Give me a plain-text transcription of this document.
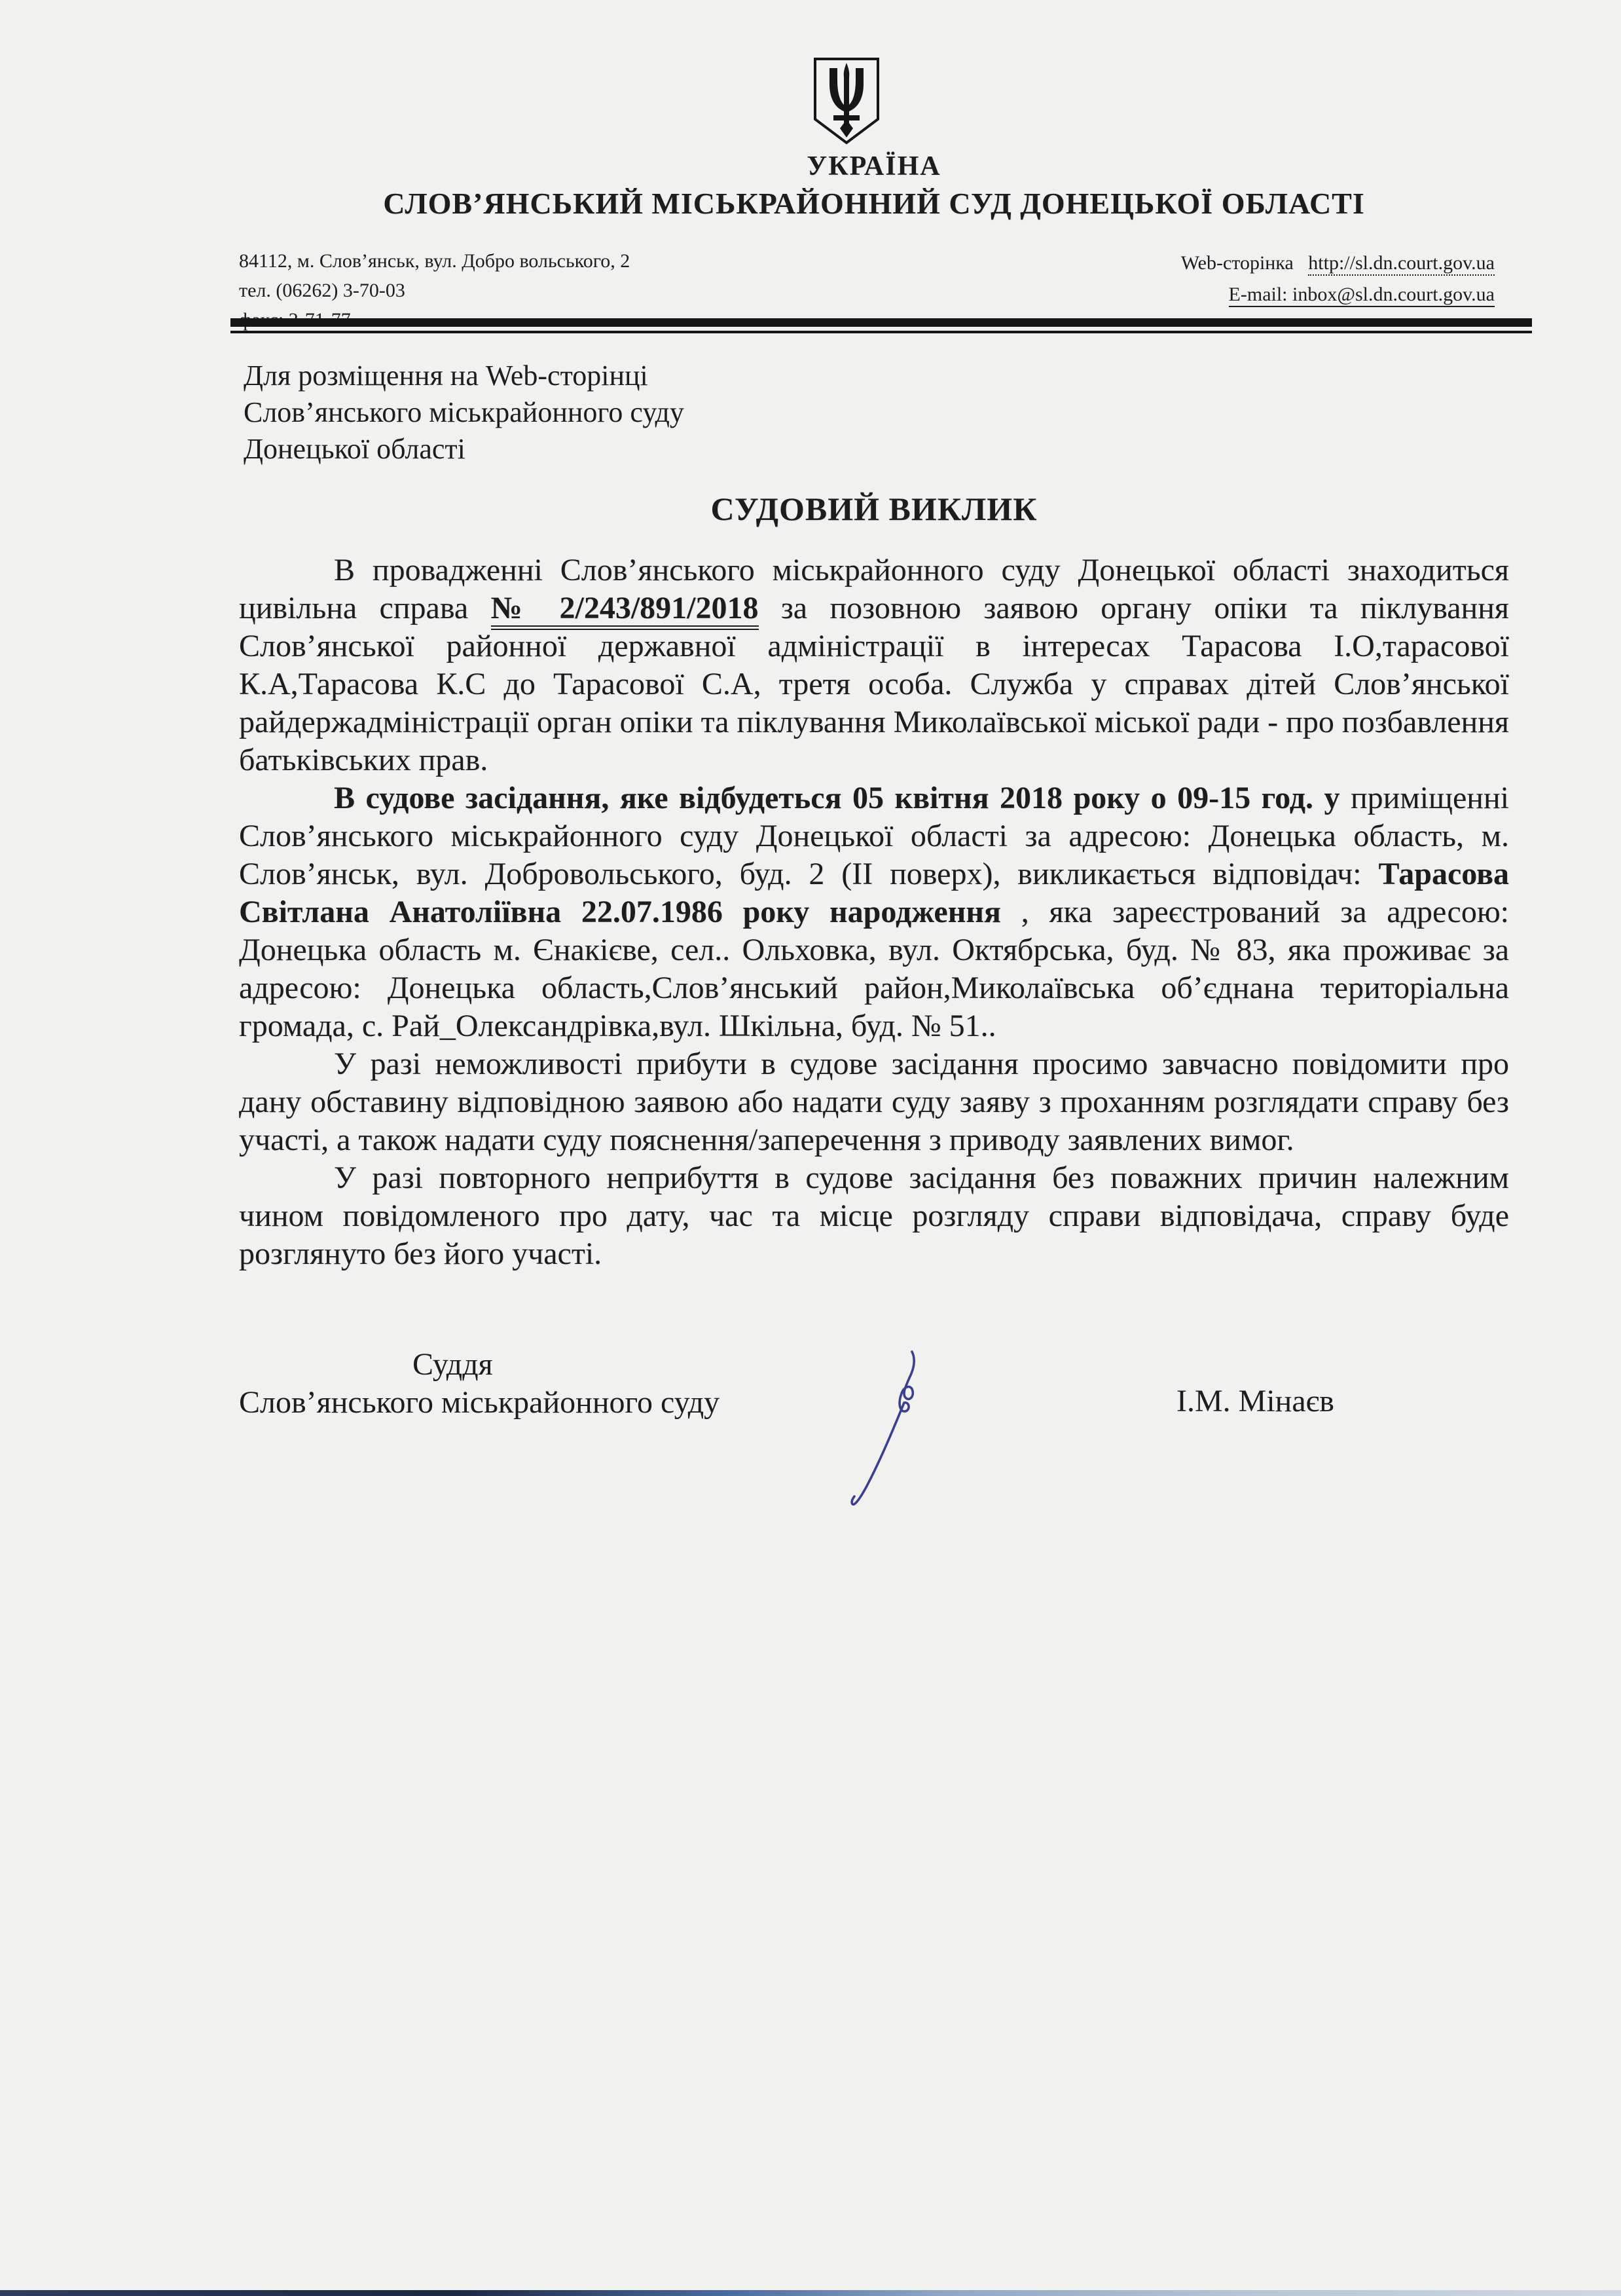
УКРАЇНА
СЛОВ’ЯНСЬКИЙ МІСЬКРАЙОННИЙ СУД ДОНЕЦЬКОЇ ОБЛАСТІ
84112, м. Слов’янськ, вул. Добро вольського, 2
тел. (06262) 3-70-03
Web-сторінка http://sl.dn.court.gov.ua
E-mail: inbox@sl.dn.court.gov.ua
Для розміщення на Web-сторінці
Слов’янського міськрайонного суду
Донецької області
СУДОВИЙ ВИКЛИК

В провадженні Слов’янського міськрайонного суду Донецької області знаходиться цивільна справа № 2/243/891/2018 за позовною заявою органу опіки та піклування Слов’янської районної державної адміністрації в інтересах Тарасова І.О,тарасової К.А,Тарасова К.С до Тарасової С.А, третя особа. Служба у справах дітей Слов’янської райдержадміністрації орган опіки та піклування Миколаївської міської ради - про позбавлення батьківських прав.

В судове засідання, яке відбудеться 05 квітня 2018 року о 09-15 год. у приміщенні Слов’янського міськрайонного суду Донецької області за адресою: Донецька область, м. Слов’янськ, вул. Добровольського, буд. 2 (ІІ поверх), викликається відповідач: Тарасова Світлана Анатоліївна 22.07.1986 року народження , яка зареєстрований за адресою: Донецька область м. Єнакієве, сел.. Ольховка, вул. Октябрська, буд. № 83, яка проживає за адресою: Донецька область,Слов’янський район,Миколаївська об’єднана територіальна громада, с. Рай_Олександрівка,вул. Шкільна, буд. № 51..

У разі неможливості прибути в судове засідання просимо завчасно повідомити про дану обставину відповідною заявою або надати суду заяву з проханням розглядати справу без участі, а також надати суду пояснення/заперечення з приводу заявлених вимог.

У разі повторного неприбуття в судове засідання без поважних причин належним чином повідомленого про дату, час та місце розгляду справи відповідача, справу буде розглянуто без його участі.

Суддя
Слов’янського міськрайонного суду	І.М. Мінаєв
